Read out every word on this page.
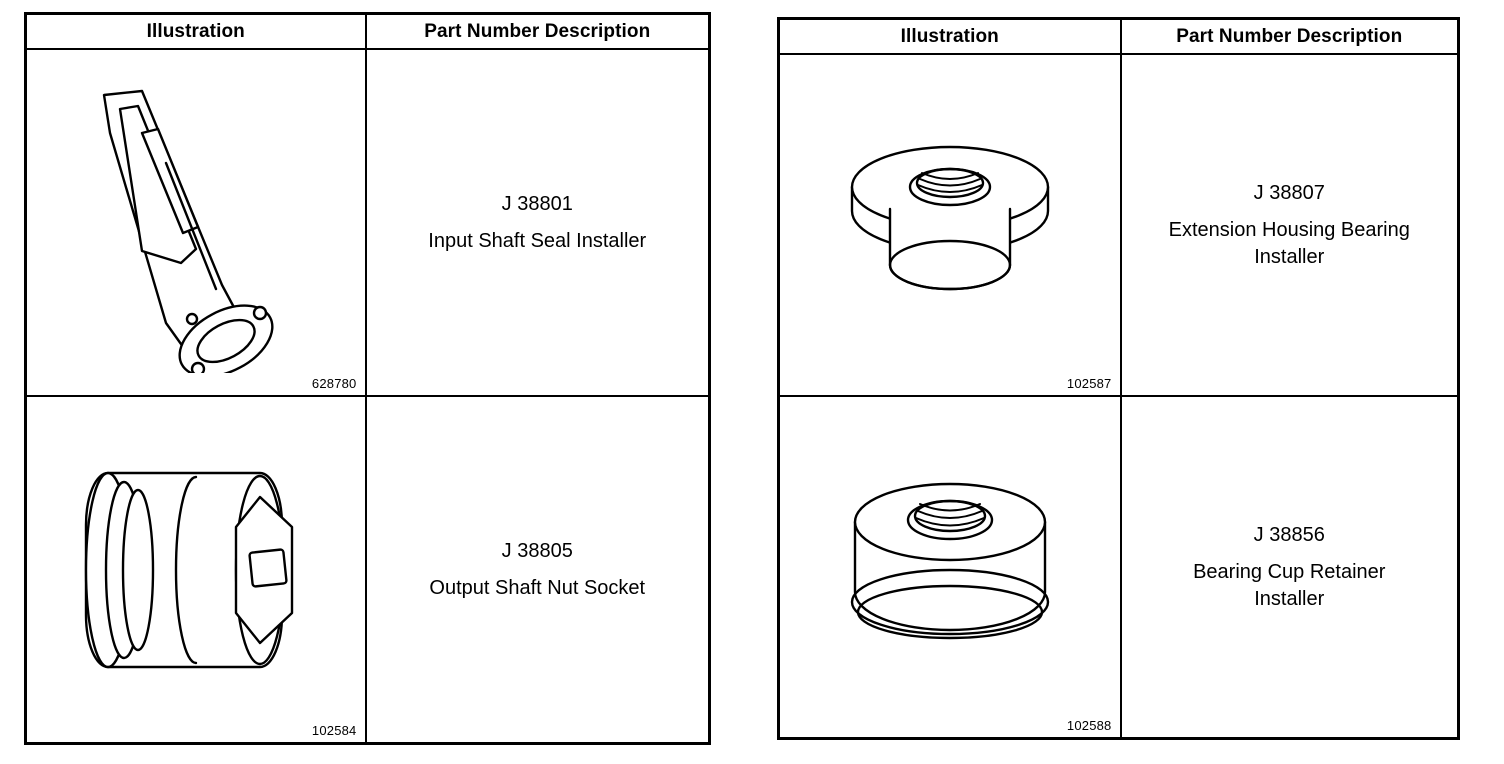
Illustration	Part Number Description

628780	J 38801
Input Shaft Seal Installer

102584	J 38805
Output Shaft Nut Socket
Illustration	Part Number Description

102587	J 38807
Extension Housing Bearing
Installer

102588	J 38856
Bearing Cup Retainer
Installer
